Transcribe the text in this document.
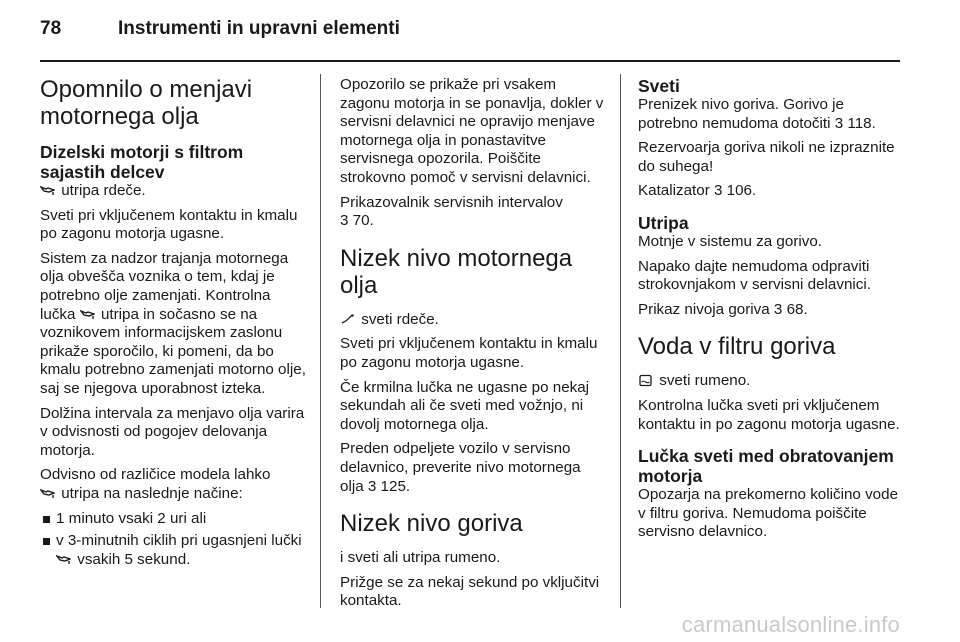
78	Instrumenti in upravni elementi
Opomnilo o menjavi motornega olja
Dizelski motorji s filtrom sajastih delcev

utripa rdeče.

Sveti pri vključenem kontaktu in kmalu po zagonu motorja ugasne.

Sistem za nadzor trajanja motornega olja obvešča voznika o tem, kdaj je potrebno olje zamenjati. Kontrolna lučka utripa in sočasno se na voznikovem informacijskem zaslonu prikaže sporočilo, ki pomeni, da bo kmalu potrebno zamenjati motorno olje, saj se njegova uporabnost izteka.

Dolžina intervala za menjavo olja varira v odvisnosti od pogojev delovanja motorja.

Odvisno od različice modela lahko

utripa na naslednje načine:

1 minuto vsaki 2 uri ali
v 3-minutnih ciklih pri ugasnjeni lučki
vsakih 5 sekund.

Opozorilo se prikaže pri vsakem zagonu motorja in se ponavlja, dokler v servisni delavnici ne opravijo menjave motornega olja in ponastavitve servisnega opozorila. Poiščite strokovno pomoč v servisni delavnici.

Prikazovalnik servisnih intervalov
3 70.

Nizek nivo motornega olja

sveti rdeče.

Sveti pri vključenem kontaktu in kmalu po zagonu motorja ugasne.

Če krmilna lučka ne ugasne po nekaj sekundah ali če sveti med vožnjo, ni dovolj motornega olja.

Preden odpeljete vozilo v servisno delavnico, preverite nivo motornega olja 3 125.

Nizek nivo goriva

i sveti ali utripa rumeno.

Prižge se za nekaj sekund po vključitvi kontakta.

Sveti

Prenizek nivo goriva. Gorivo je potrebno nemudoma dotočiti 3 118.

Rezervoarja goriva nikoli ne izpraznite do suhega!

Katalizator 3 106.

Utripa

Motnje v sistemu za gorivo.

Napako dajte nemudoma odpraviti strokovnjakom v servisni delavnici.

Prikaz nivoja goriva 3 68.

Voda v filtru goriva

sveti rumeno.

Kontrolna lučka sveti pri vključenem kontaktu in po zagonu motorja ugasne.

Lučka sveti med obratovanjem motorja

Opozarja na prekomerno količino vode v filtru goriva. Nemudoma poiščite servisno delavnico.

carmanualsonline.info
